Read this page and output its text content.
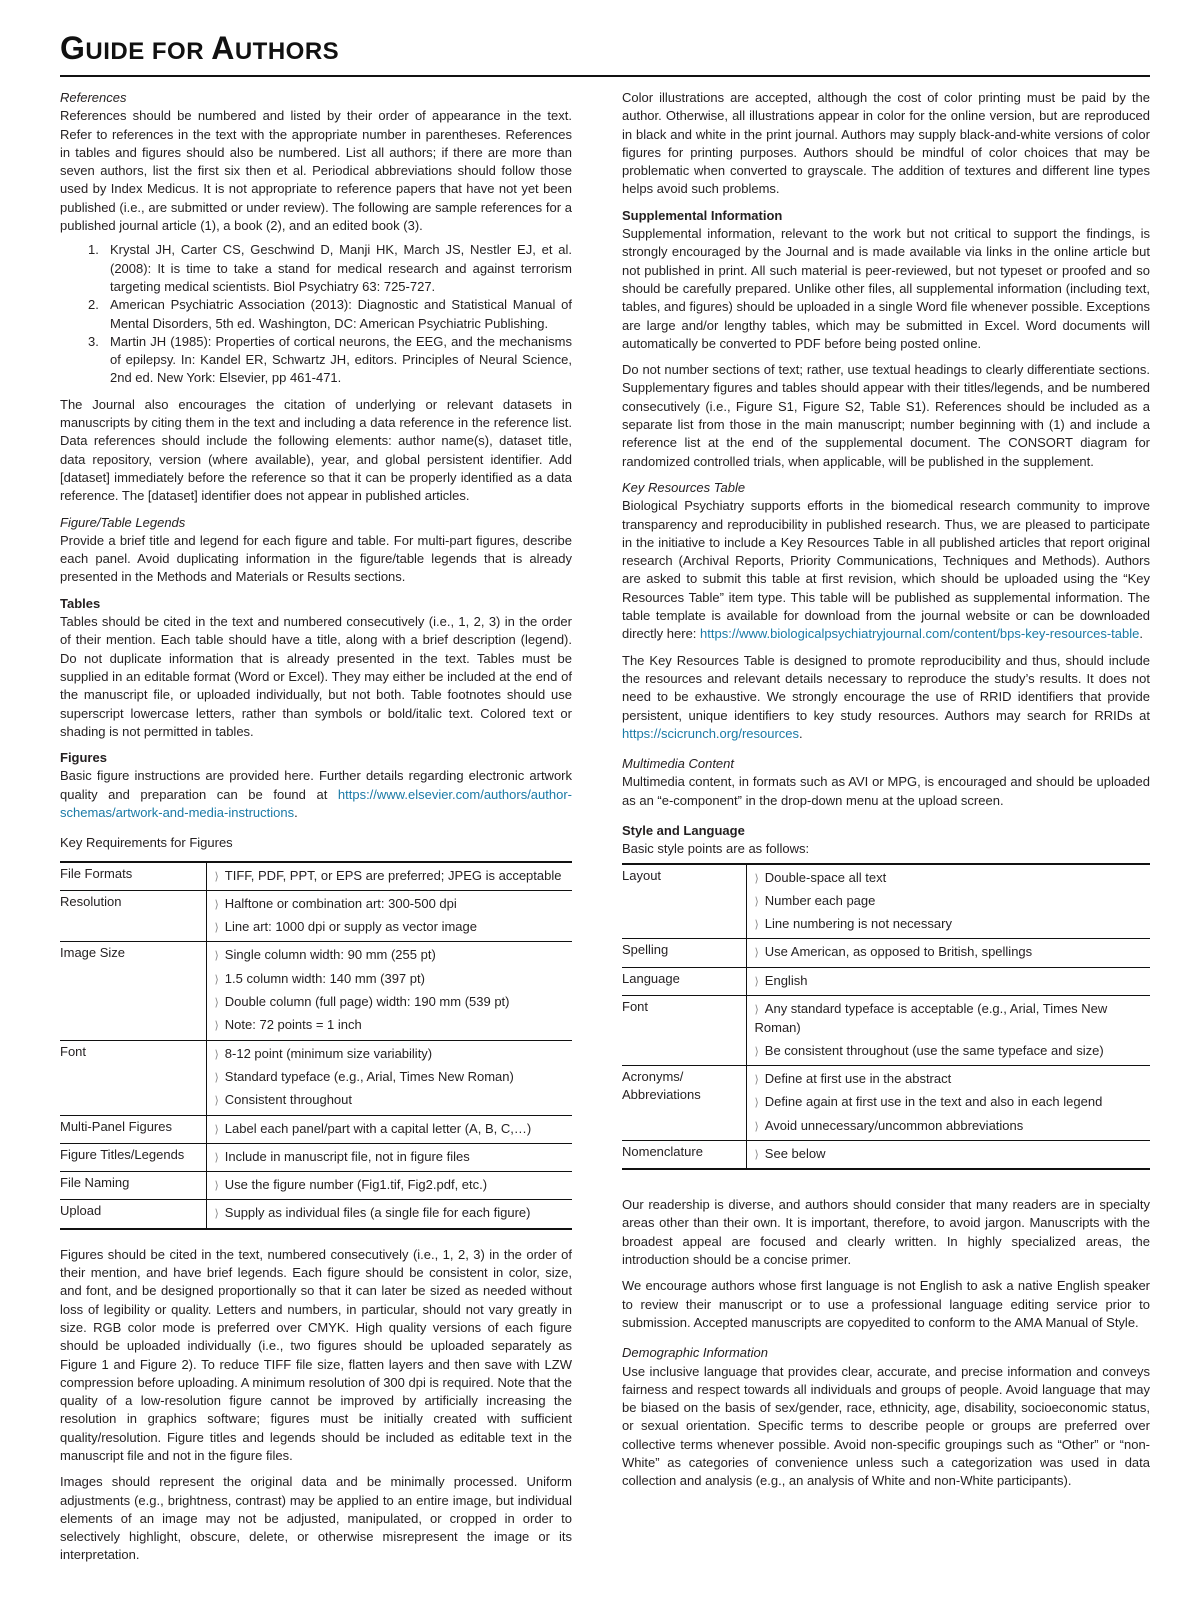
GUIDE FOR AUTHORS
References

References should be numbered and listed by their order of appearance in the text. Refer to references in the text with the appropriate number in parentheses. References in tables and figures should also be numbered. List all authors; if there are more than seven authors, list the first six then et al. Periodical abbreviations should follow those used by Index Medicus. It is not appropriate to reference papers that have not yet been published (i.e., are submitted or under review). The following are sample references for a published journal article (1), a book (2), and an edited book (3).

1. Krystal JH, Carter CS, Geschwind D, Manji HK, March JS, Nestler EJ, et al. (2008): It is time to take a stand for medical research and against terrorism targeting medical scientists. Biol Psychiatry 63: 725-727.
2. American Psychiatric Association (2013): Diagnostic and Statistical Manual of Mental Disorders, 5th ed. Washington, DC: American Psychiatric Publishing.
3. Martin JH (1985): Properties of cortical neurons, the EEG, and the mechanisms of epilepsy. In: Kandel ER, Schwartz JH, editors. Principles of Neural Science, 2nd ed. New York: Elsevier, pp 461-471.

The Journal also encourages the citation of underlying or relevant datasets in manuscripts by citing them in the text and including a data reference in the reference list. Data references should include the following elements: author name(s), dataset title, data repository, version (where available), year, and global persistent identifier. Add [dataset] immediately before the reference so that it can be properly identified as a data reference. The [dataset] identifier does not appear in published articles.

Figure/Table Legends

Provide a brief title and legend for each figure and table. For multi-part figures, describe each panel. Avoid duplicating information in the figure/table legends that is already presented in the Methods and Materials or Results sections.

Tables

Tables should be cited in the text and numbered consecutively (i.e., 1, 2, 3) in the order of their mention. Each table should have a title, along with a brief description (legend). Do not duplicate information that is already presented in the text. Tables must be supplied in an editable format (Word or Excel). They may either be included at the end of the manuscript file, or uploaded individually, but not both. Table footnotes should use superscript lowercase letters, rather than symbols or bold/italic text. Colored text or shading is not permitted in tables.

Figures

Basic figure instructions are provided here. Further details regarding electronic artwork quality and preparation can be found at https://www.elsevier.com/authors/author-schemas/artwork-and-media-instructions.

Key Requirements for Figures
File Formats	⟩ TIFF, PDF, PPT, or EPS are preferred; JPEG is acceptable

Resolution	⟩ Halftone or combination art: 300-500 dpi
⟩ Line art: 1000 dpi or supply as vector image

Image Size	⟩ Single column width: 90 mm (255 pt)
⟩ 1.5 column width: 140 mm (397 pt)
⟩ Double column (full page) width: 190 mm (539 pt)
⟩ Note: 72 points = 1 inch

Font	⟩ 8-12 point (minimum size variability)
⟩ Standard typeface (e.g., Arial, Times New Roman)
⟩ Consistent throughout

Multi-Panel Figures	⟩ Label each panel/part with a capital letter (A, B, C,…)

Figure Titles/Legends	⟩ Include in manuscript file, not in figure files

File Naming	⟩ Use the figure number (Fig1.tif, Fig2.pdf, etc.)

Upload	⟩ Supply as individual files (a single file for each figure)

Figures should be cited in the text, numbered consecutively (i.e., 1, 2, 3) in the order of their mention, and have brief legends. Each figure should be consistent in color, size, and font, and be designed proportionally so that it can later be sized as needed without loss of legibility or quality. Letters and numbers, in particular, should not vary greatly in size. RGB color mode is preferred over CMYK. High quality versions of each figure should be uploaded individually (i.e., two figures should be uploaded separately as Figure 1 and Figure 2). To reduce TIFF file size, flatten layers and then save with LZW compression before uploading. A minimum resolution of 300 dpi is required. Note that the quality of a low-resolution figure cannot be improved by artificially increasing the resolution in graphics software; figures must be initially created with sufficient quality/resolution. Figure titles and legends should be included as editable text in the manuscript file and not in the figure files.

Images should represent the original data and be minimally processed. Uniform adjustments (e.g., brightness, contrast) may be applied to an entire image, but individual elements of an image may not be adjusted, manipulated, or cropped in order to selectively highlight, obscure, delete, or otherwise misrepresent the image or its interpretation.

Color illustrations are accepted, although the cost of color printing must be paid by the author. Otherwise, all illustrations appear in color for the online version, but are reproduced in black and white in the print journal. Authors may supply black-and-white versions of color figures for printing purposes. Authors should be mindful of color choices that may be problematic when converted to grayscale. The addition of textures and different line types helps avoid such problems.

Supplemental Information

Supplemental information, relevant to the work but not critical to support the findings, is strongly encouraged by the Journal and is made available via links in the online article but not published in print. All such material is peer-reviewed, but not typeset or proofed and so should be carefully prepared. Unlike other files, all supplemental information (including text, tables, and figures) should be uploaded in a single Word file whenever possible. Exceptions are large and/or lengthy tables, which may be submitted in Excel. Word documents will automatically be converted to PDF before being posted online.

Do not number sections of text; rather, use textual headings to clearly differentiate sections. Supplementary figures and tables should appear with their titles/legends, and be numbered consecutively (i.e., Figure S1, Figure S2, Table S1). References should be included as a separate list from those in the main manuscript; number beginning with (1) and include a reference list at the end of the supplemental document. The CONSORT diagram for randomized controlled trials, when applicable, will be published in the supplement.

Key Resources Table

Biological Psychiatry supports efforts in the biomedical research community to improve transparency and reproducibility in published research. Thus, we are pleased to participate in the initiative to include a Key Resources Table in all published articles that report original research (Archival Reports, Priority Communications, Techniques and Methods). Authors are asked to submit this table at first revision, which should be uploaded using the “Key Resources Table” item type. This table will be published as supplemental information. The table template is available for download from the journal website or can be downloaded directly here: https://www.biologicalpsychiatryjournal.com/content/bps-key-resources-table.

The Key Resources Table is designed to promote reproducibility and thus, should include the resources and relevant details necessary to reproduce the study’s results. It does not need to be exhaustive. We strongly encourage the use of RRID identifiers that provide persistent, unique identifiers to key study resources. Authors may search for RRIDs at https://scicrunch.org/resources.

Multimedia Content

Multimedia content, in formats such as AVI or MPG, is encouraged and should be uploaded as an “e-component” in the drop-down menu at the upload screen.

Style and Language

Basic style points are as follows:

Layout	⟩ Double-space all text
⟩ Number each page
⟩ Line numbering is not necessary

Spelling	⟩ Use American, as opposed to British, spellings

Language	⟩ English

Font	⟩ Any standard typeface is acceptable (e.g., Arial, Times New Roman)
⟩ Be consistent throughout (use the same typeface and size)

Acronyms/ Abbreviations	⟩ Define at first use in the abstract
⟩ Define again at first use in the text and also in each legend
⟩ Avoid unnecessary/uncommon abbreviations

Nomenclature	⟩ See below

Our readership is diverse, and authors should consider that many readers are in specialty areas other than their own. It is important, therefore, to avoid jargon. Manuscripts with the broadest appeal are focused and clearly written. In highly specialized areas, the introduction should be a concise primer.

We encourage authors whose first language is not English to ask a native English speaker to review their manuscript or to use a professional language editing service prior to submission. Accepted manuscripts are copyedited to conform to the AMA Manual of Style.

Demographic Information

Use inclusive language that provides clear, accurate, and precise information and conveys fairness and respect towards all individuals and groups of people. Avoid language that may be biased on the basis of sex/gender, race, ethnicity, age, disability, socioeconomic status, or sexual orientation. Specific terms to describe people or groups are preferred over collective terms whenever possible. Avoid non-specific groupings such as “Other” or “non-White” as categories of convenience unless such a categorization was used in data collection and analysis (e.g., an analysis of White and non-White participants).
